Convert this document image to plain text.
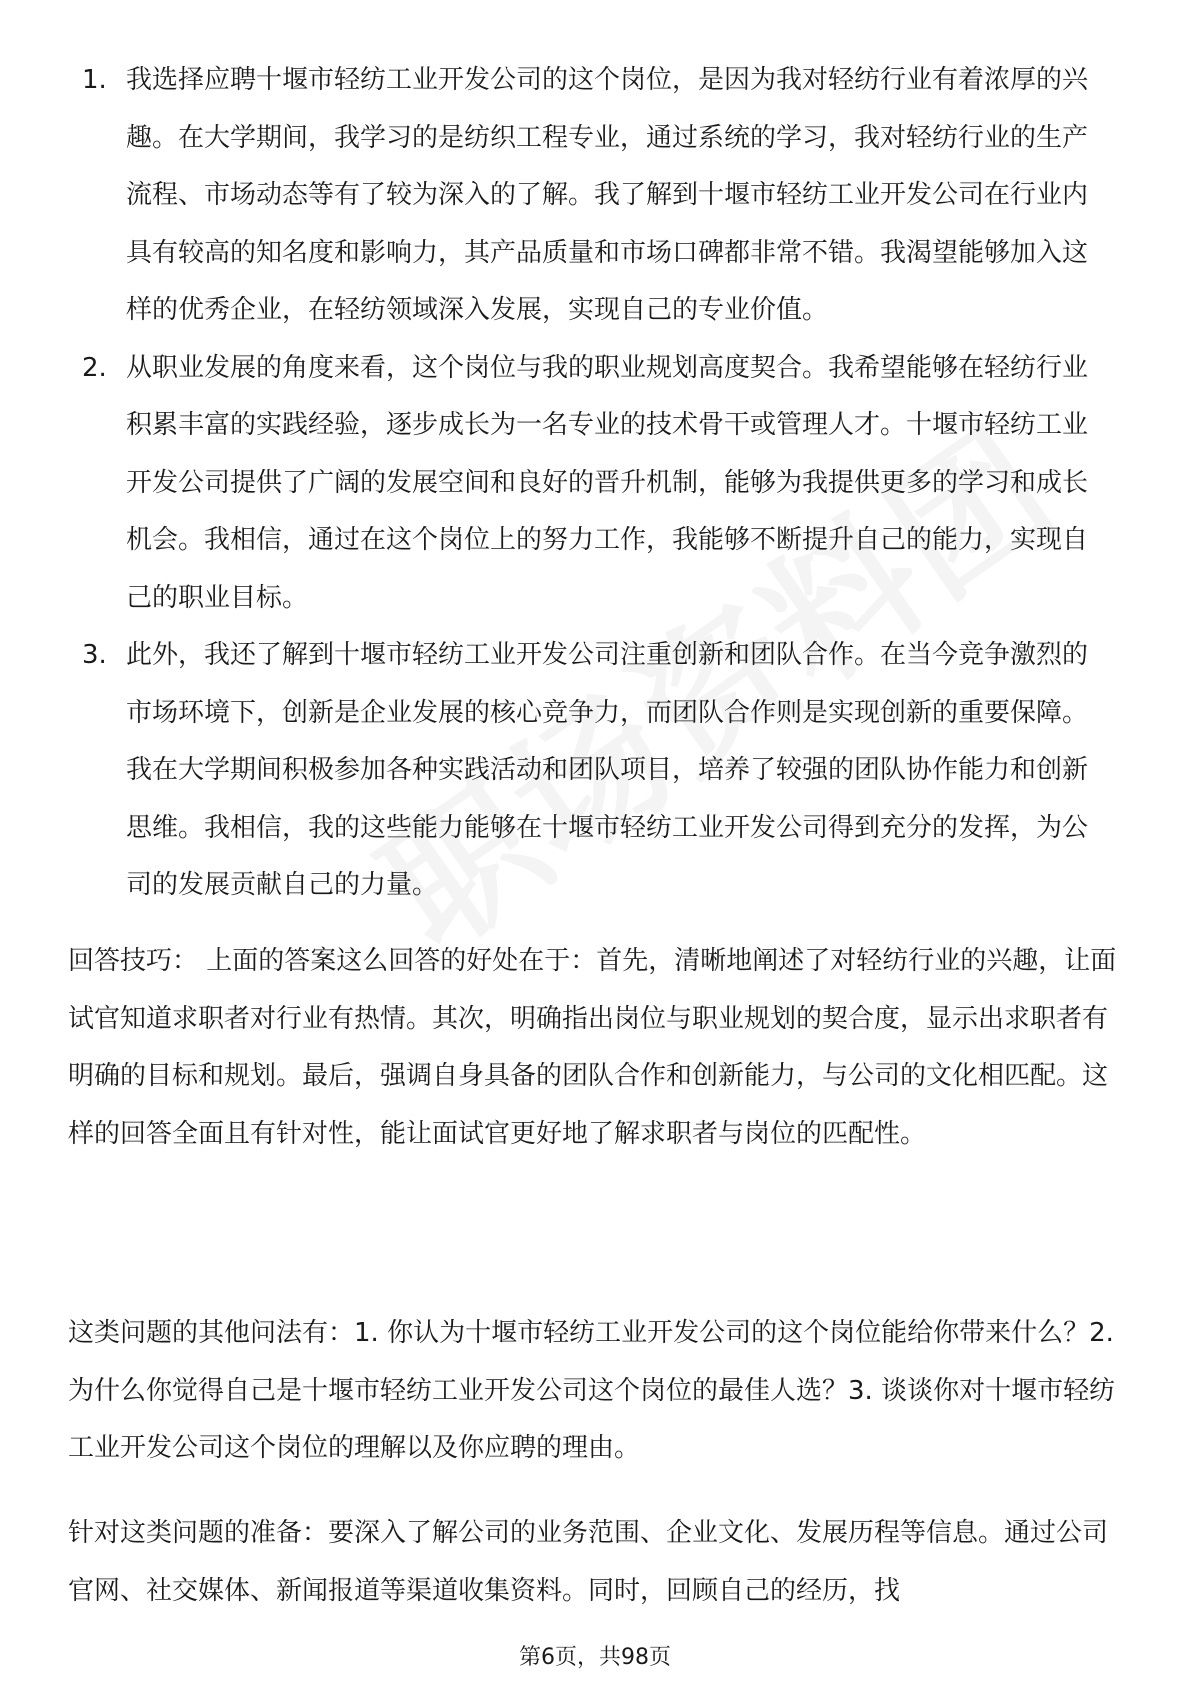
1. 我选择应聘十堰市轻纺工业开发公司的这个岗位，是因为我对轻纺行业有着浓厚的兴趣。在大学期间，我学习的是纺织工程专业，通过系统的学习，我对轻纺行业的生产流程、市场动态等有了较为深入的了解。我了解到十堰市轻纺工业开发公司在行业内具有较高的知名度和影响力，其产品质量和市场口碑都非常不错。我渴望能够加入这样的优秀企业，在轻纺领域深入发展，实现自己的专业价值。
2. 从职业发展的角度来看，这个岗位与我的职业规划高度契合。我希望能够在轻纺行业积累丰富的实践经验，逐步成长为一名专业的技术骨干或管理人才。十堰市轻纺工业开发公司提供了广阔的发展空间和良好的晋升机制，能够为我提供更多的学习和成长机会。我相信，通过在这个岗位上的努力工作，我能够不断提升自己的能力，实现自己的职业目标。
3. 此外，我还了解到十堰市轻纺工业开发公司注重创新和团队合作。在当今竞争激烈的市场环境下，创新是企业发展的核心竞争力，而团队合作则是实现创新的重要保障。我在大学期间积极参加各种实践活动和团队项目，培养了较强的团队协作能力和创新思维。我相信，我的这些能力能够在十堰市轻纺工业开发公司得到充分的发挥，为公司的发展贡献自己的力量。

回答技巧： 上面的答案这么回答的好处在于：首先，清晰地阐述了对轻纺行业的兴趣，让面试官知道求职者对行业有热情。其次，明确指出岗位与职业规划的契合度，显示出求职者有明确的目标和规划。最后，强调自身具备的团队合作和创新能力，与公司的文化相匹配。这样的回答全面且有针对性，能让面试官更好地了解求职者与岗位的匹配性。

这类问题的其他问法有：1. 你认为十堰市轻纺工业开发公司的这个岗位能给你带来什么？2. 为什么你觉得自己是十堰市轻纺工业开发公司这个岗位的最佳人选？3. 谈谈你对十堰市轻纺工业开发公司这个岗位的理解以及你应聘的理由。

针对这类问题的准备：要深入了解公司的业务范围、企业文化、发展历程等信息。通过公司官网、社交媒体、新闻报道等渠道收集资料。同时，回顾自己的经历，找

第6页，共98页
